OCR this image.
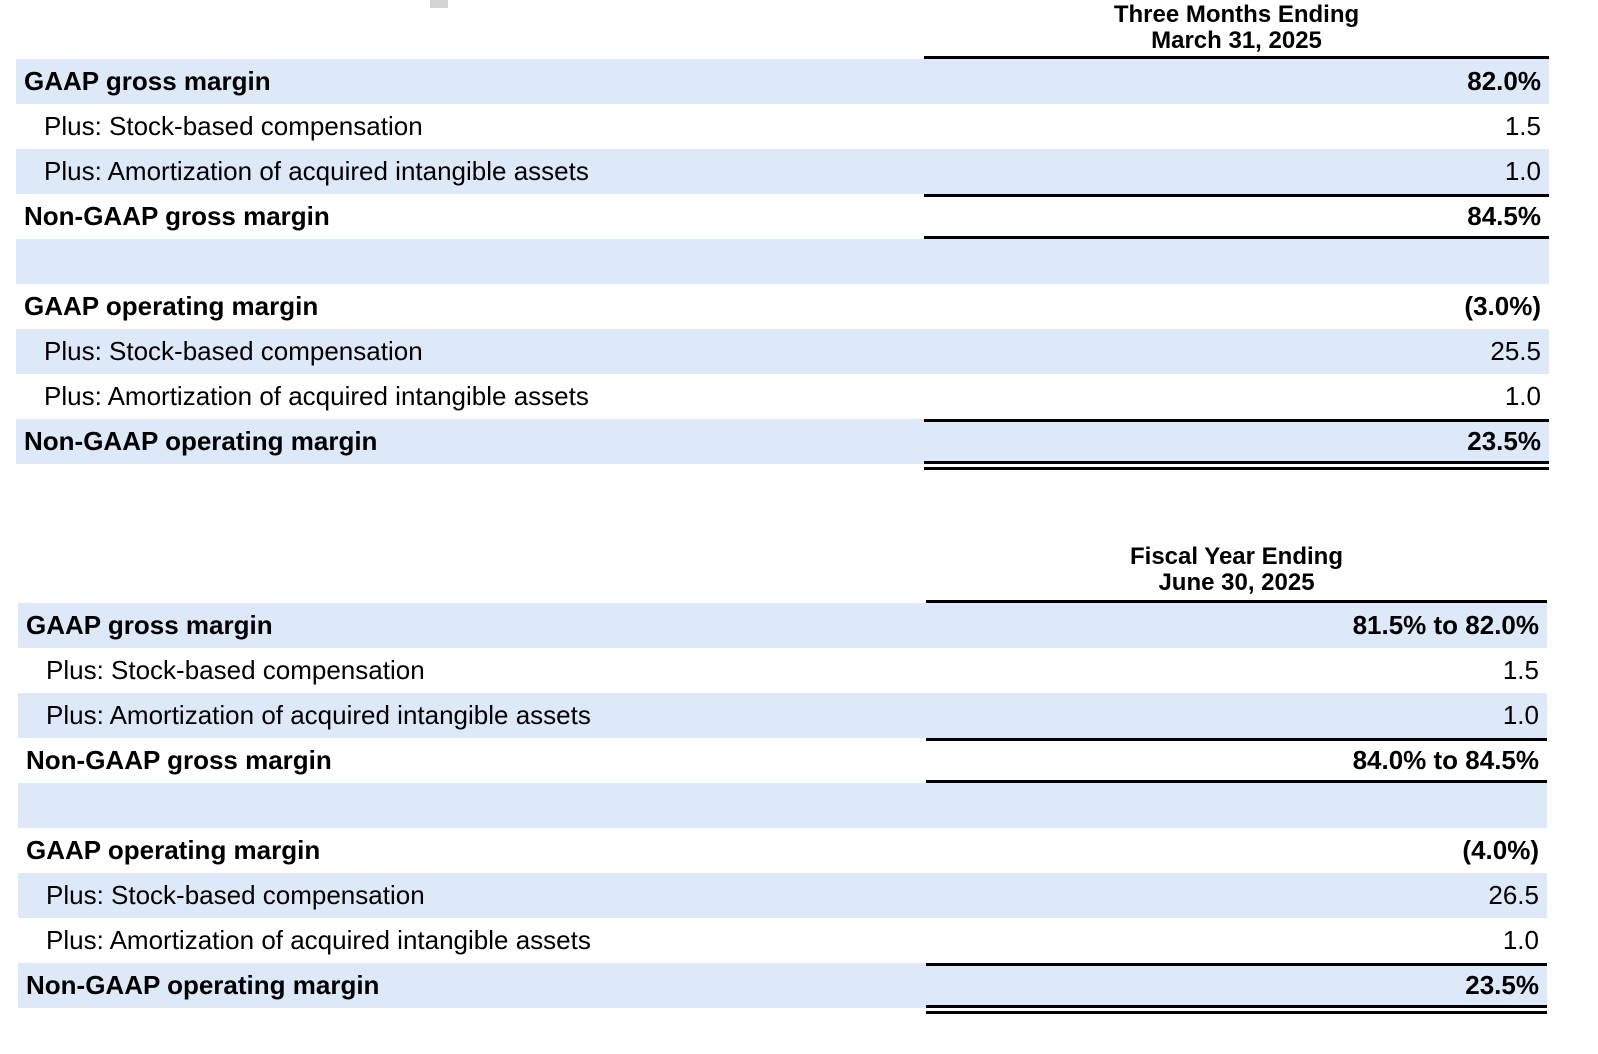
Three Months Ending
March 31, 2025
GAAP gross margin	82.0%
Plus: Stock-based compensation	1.5
Plus: Amortization of acquired intangible assets	1.0
Non-GAAP gross margin	84.5%
GAAP operating margin	(3.0%)
Plus: Stock-based compensation	25.5
Plus: Amortization of acquired intangible assets	1.0
Non-GAAP operating margin	23.5%
Fiscal Year Ending
June 30, 2025
GAAP gross margin	81.5% to 82.0%
Plus: Stock-based compensation	1.5
Plus: Amortization of acquired intangible assets	1.0
Non-GAAP gross margin	84.0% to 84.5%
GAAP operating margin	(4.0%)
Plus: Stock-based compensation	26.5
Plus: Amortization of acquired intangible assets	1.0
Non-GAAP operating margin	23.5%
